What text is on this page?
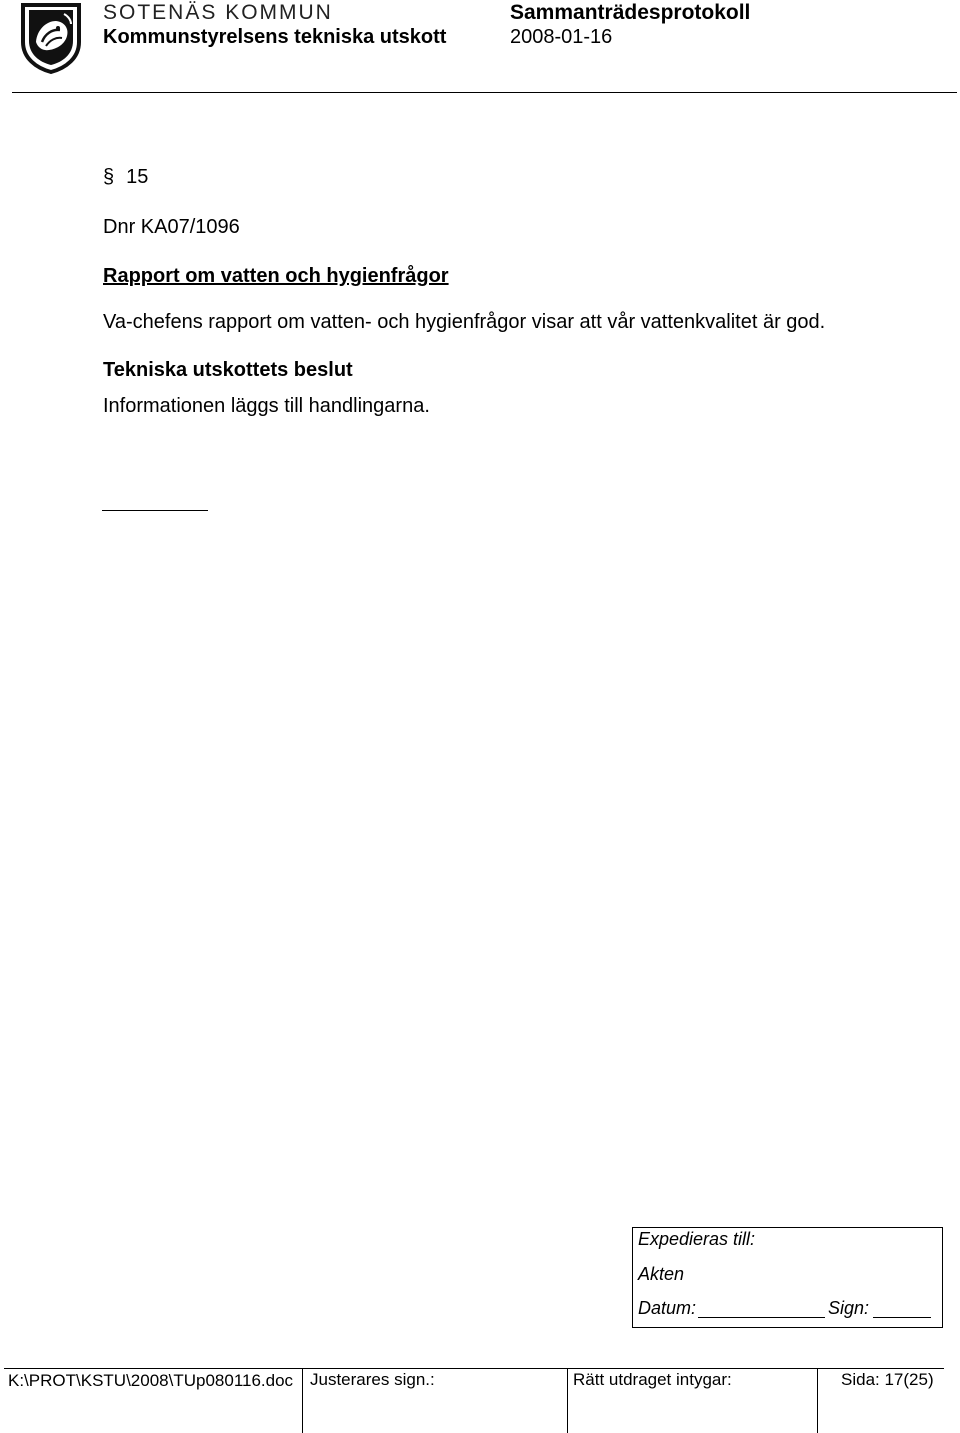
SOTENÄS KOMMUN
Kommunstyrelsens tekniska utskott
Sammanträdesprotokoll
2008-01-16
§ 15
Dnr KA07/1096
Rapport om vatten och hygienfrågor
Va-chefens rapport om vatten- och hygienfrågor visar att vår vattenkvalitet är god.
Tekniska utskottets beslut
Informationen läggs till handlingarna.
Expedieras till:
Akten
Datum:	Sign:
K:\PROT\KSTU\2008\TUp080116.doc Justerares sign.:	Rätt utdraget intygar:	Sida: 17(25)
